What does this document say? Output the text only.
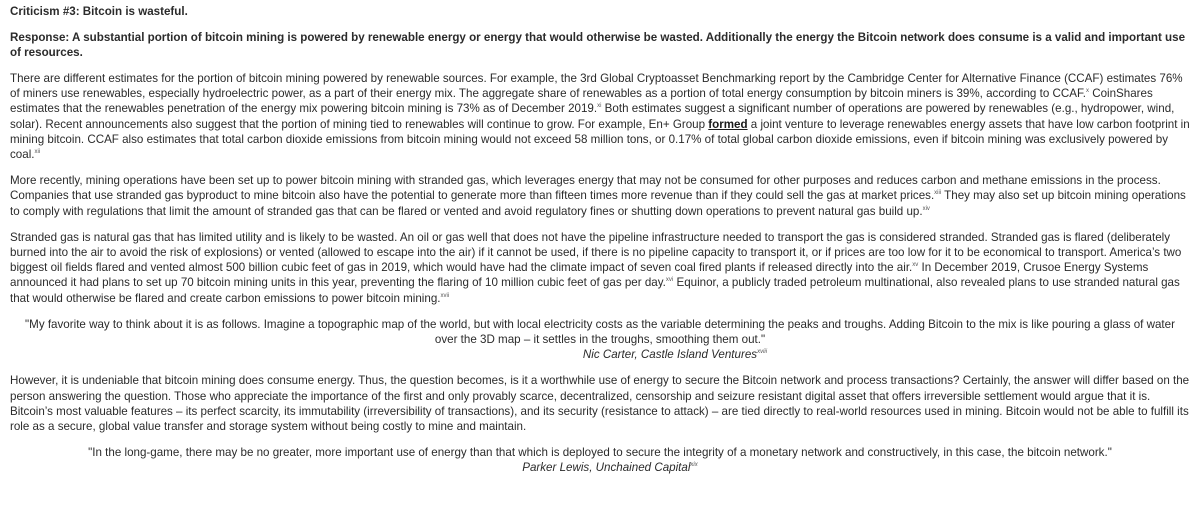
Criticism #3: Bitcoin is wasteful.
Response: A substantial portion of bitcoin mining is powered by renewable energy or energy that would otherwise be wasted. Additionally the energy the Bitcoin network does consume is a valid and important use of resources.

There are different estimates for the portion of bitcoin mining powered by renewable sources. For example, the 3rd Global Cryptoasset Benchmarking report by the Cambridge Center for Alternative Finance (CCAF) estimates 76% of miners use renewables, especially hydroelectric power, as a part of their energy mix. The aggregate share of renewables as a portion of total energy consumption by bitcoin miners is 39%, according to CCAF.$^x$ CoinShares estimates that the renewables penetration of the energy mix powering bitcoin mining is 73% as of December 2019.$^{xi}$ Both estimates suggest a significant number of operations are powered by renewables (e.g., hydropower, wind, solar). Recent announcements also suggest that the portion of mining tied to renewables will continue to grow. For example, En+ Group formed a joint venture to leverage renewables energy assets that have low carbon footprint in mining bitcoin. CCAF also estimates that total carbon dioxide emissions from bitcoin mining would not exceed 58 million tons, or 0.17% of total global carbon dioxide emissions, even if bitcoin mining was exclusively powered by coal.$^{xii}$

More recently, mining operations have been set up to power bitcoin mining with stranded gas, which leverages energy that may not be consumed for other purposes and reduces carbon and methane emissions in the process. Companies that use stranded gas byproduct to mine bitcoin also have the potential to generate more than fifteen times more revenue than if they could sell the gas at market prices.$^{xiii}$ They may also set up bitcoin mining operations to comply with regulations that limit the amount of stranded gas that can be flared or vented and avoid regulatory fines or shutting down operations to prevent natural gas build up.$^{xiv}$

Stranded gas is natural gas that has limited utility and is likely to be wasted. An oil or gas well that does not have the pipeline infrastructure needed to transport the gas is considered stranded. Stranded gas is flared (deliberately burned into the air to avoid the risk of explosions) or vented (allowed to escape into the air) if it cannot be used, if there is no pipeline capacity to transport it, or if prices are too low for it to be economical to transport. America’s two biggest oil fields flared and vented almost 500 billion cubic feet of gas in 2019, which would have had the climate impact of seven coal fired plants if released directly into the air.$^{xv}$ In December 2019, Crusoe Energy Systems announced it had plans to set up 70 bitcoin mining units in this year, preventing the flaring of 10 million cubic feet of gas per day.$^{xvi}$ Equinor, a publicly traded petroleum multinational, also revealed plans to use stranded natural gas that would otherwise be flared and create carbon emissions to power bitcoin mining.$^{xvii}$

"My favorite way to think about it is as follows. Imagine a topographic map of the world, but with local electricity costs as the variable determining the peaks and troughs. Adding Bitcoin to the mix is like pouring a glass of water over the 3D map – it settles in the troughs, smoothing them out."
Nic Carter, Castle Island Ventures$^{xviii}$

However, it is undeniable that bitcoin mining does consume energy. Thus, the question becomes, is it a worthwhile use of energy to secure the Bitcoin network and process transactions? Certainly, the answer will differ based on the person answering the question. Those who appreciate the importance of the first and only provably scarce, decentralized, censorship and seizure resistant digital asset that offers irreversible settlement would argue that it is. Bitcoin’s most valuable features – its perfect scarcity, its immutability (irreversibility of transactions), and its security (resistance to attack) – are tied directly to real-world resources used in mining. Bitcoin would not be able to fulfill its role as a secure, global value transfer and storage system without being costly to mine and maintain.

"In the long-game, there may be no greater, more important use of energy than that which is deployed to secure the integrity of a monetary network and constructively, in this case, the bitcoin network."
Parker Lewis, Unchained Capital$^{xix}$
